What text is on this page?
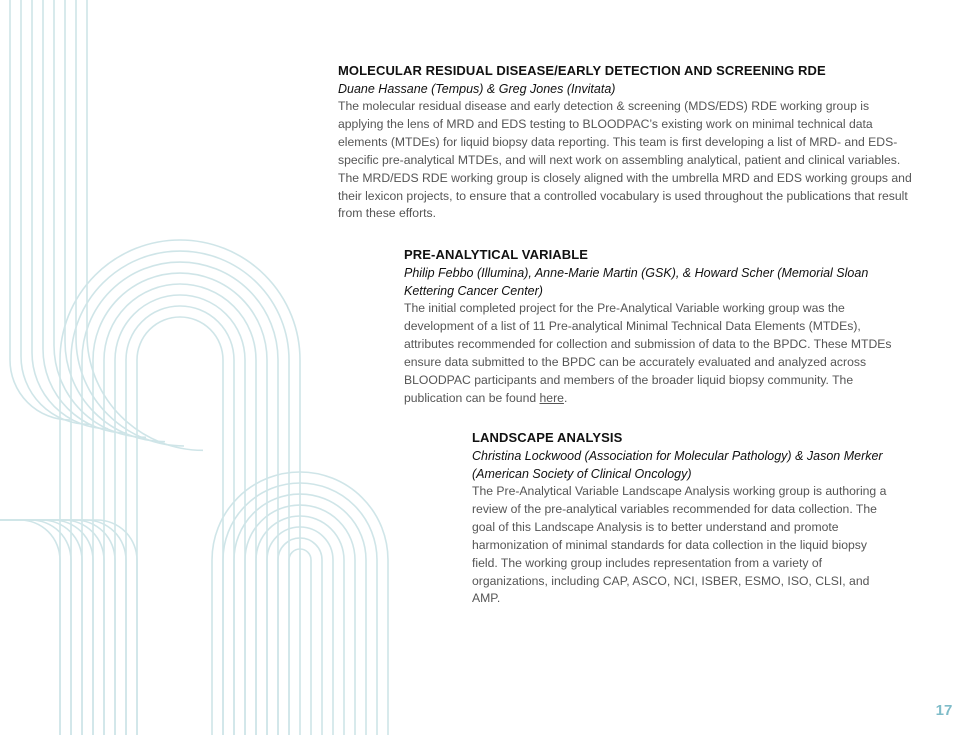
MOLECULAR RESIDUAL DISEASE/EARLY DETECTION AND SCREENING RDE

Duane Hassane (Tempus) & Greg Jones (Invitata)

The molecular residual disease and early detection & screening (MDS/EDS) RDE working group is applying the lens of MRD and EDS testing to BLOODPAC’s existing work on minimal technical data elements (MTDEs) for liquid biopsy data reporting. This team is first developing a list of MRD- and EDS-specific pre-analytical MTDEs, and will next work on assembling analytical, patient and clinical variables. The MRD/EDS RDE working group is closely aligned with the umbrella MRD and EDS working groups and their lexicon projects, to ensure that a controlled vocabulary is used throughout the publications that result from these efforts.

PRE-ANALYTICAL VARIABLE

Philip Febbo (Illumina), Anne-Marie Martin (GSK), & Howard Scher (Memorial Sloan Kettering Cancer Center)

The initial completed project for the Pre-Analytical Variable working group was the development of a list of 11 Pre-analytical Minimal Technical Data Elements (MTDEs), attributes recommended for collection and submission of data to the BPDC. These MTDEs ensure data submitted to the BPDC can be accurately evaluated and analyzed across BLOODPAC participants and members of the broader liquid biopsy community. The publication can be found here.

LANDSCAPE ANALYSIS

Christina Lockwood (Association for Molecular Pathology) & Jason Merker (American Society of Clinical Oncology)

The Pre-Analytical Variable Landscape Analysis working group is authoring a review of the pre-analytical variables recommended for data collection. The goal of this Landscape Analysis is to better understand and promote harmonization of minimal standards for data collection in the liquid biopsy field. The working group includes representation from a variety of organizations, including CAP, ASCO, NCI, ISBER, ESMO, ISO, CLSI, and AMP.

17
